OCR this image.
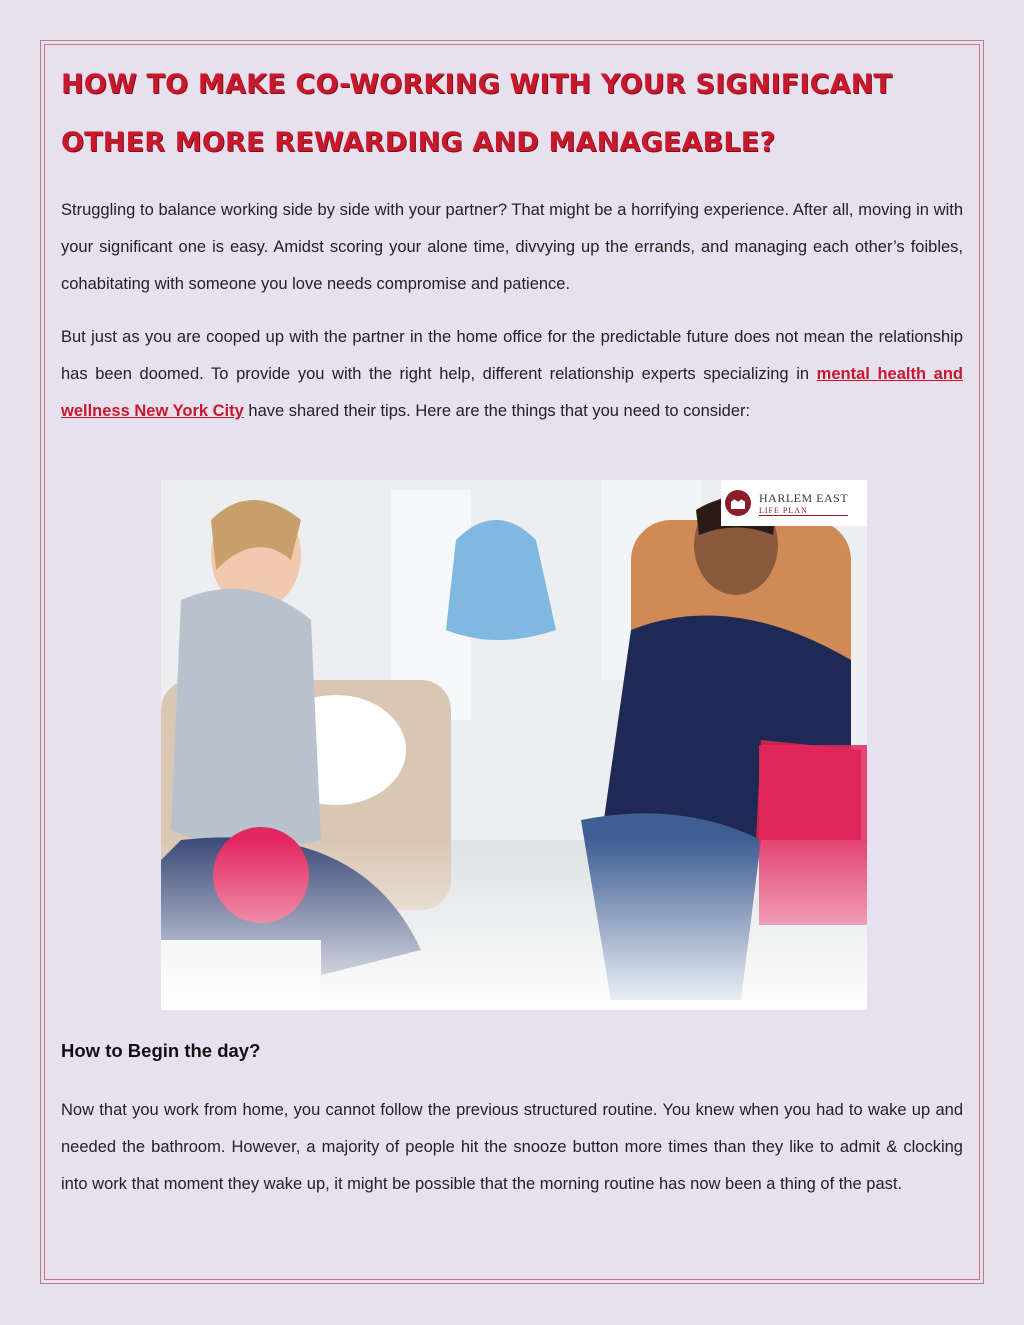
HOW TO MAKE CO-WORKING WITH YOUR SIGNIFICANT OTHER MORE REWARDING AND MANAGEABLE?

Struggling to balance working side by side with your partner? That might be a horrifying experience. After all, moving in with your significant one is easy. Amidst scoring your alone time, divvying up the errands, and managing each other’s foibles, cohabitating with someone you love needs compromise and patience.

But just as you are cooped up with the partner in the home office for the predictable future does not mean the relationship has been doomed. To provide you with the right help, different relationship experts specializing in mental health and wellness New York City have shared their tips. Here are the things that you need to consider:

HARLEM EAST
LIFE PLAN
How to Begin the day?

Now that you work from home, you cannot follow the previous structured routine. You knew when you had to wake up and needed the bathroom. However, a majority of people hit the snooze button more times than they like to admit & clocking into work that moment they wake up, it might be possible that the morning routine has now been a thing of the past.
